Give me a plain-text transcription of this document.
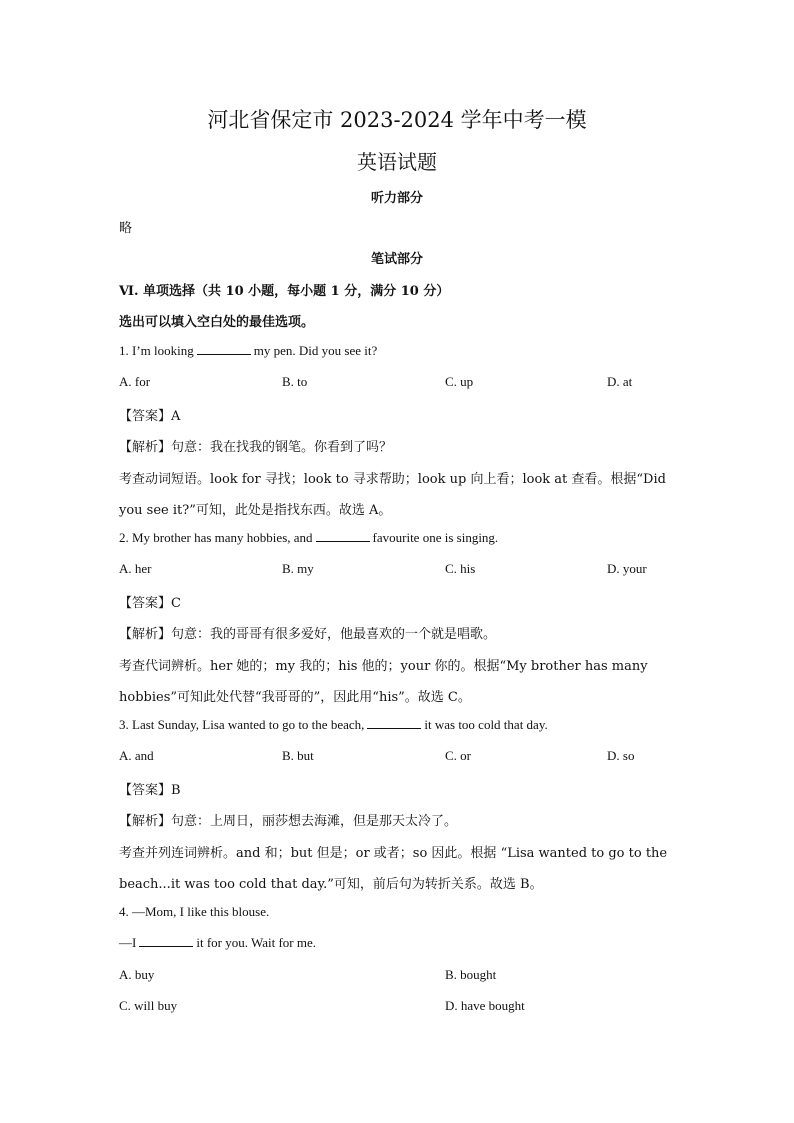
河北省保定市 2023-2024 学年中考一模
英语试题
听力部分
略
笔试部分
Ⅵ. 单项选择（共 10 小题，每小题 1 分，满分 10 分）
选出可以填入空白处的最佳选项。
1. I’m looking	my pen. Did you see it?
A. for	B. to	C. up	D. at
【答案】A
【解析】句意：我在找我的钢笔。你看到了吗？
考查动词短语。look for 寻找；look to 寻求帮助；look up 向上看；look at 查看。根据“Did
you see it?”可知，此处是指找东西。故选 A。
2. My brother has many hobbies, and	favourite one is singing.
A. her	B. my	C. his	D. your
【答案】C
【解析】句意：我的哥哥有很多爱好，他最喜欢的一个就是唱歌。
考查代词辨析。her 她的；my 我的；his 他的；your 你的。根据“My brother has many
hobbies”可知此处代替“我哥哥的”，因此用“his”。故选 C。
3. Last Sunday, Lisa wanted to go to the beach,	it was too cold that day.
A. and	B. but	C. or	D. so
【答案】B
【解析】句意：上周日，丽莎想去海滩，但是那天太冷了。
考查并列连词辨析。and 和；but 但是；or 或者；so 因此。根据 “Lisa wanted to go to the
beach...it was too cold that day.”可知，前后句为转折关系。故选 B。
4. —Mom, I like this blouse.
—I	it for you. Wait for me.
A. buy	B. bought
C. will buy	D. have bought
